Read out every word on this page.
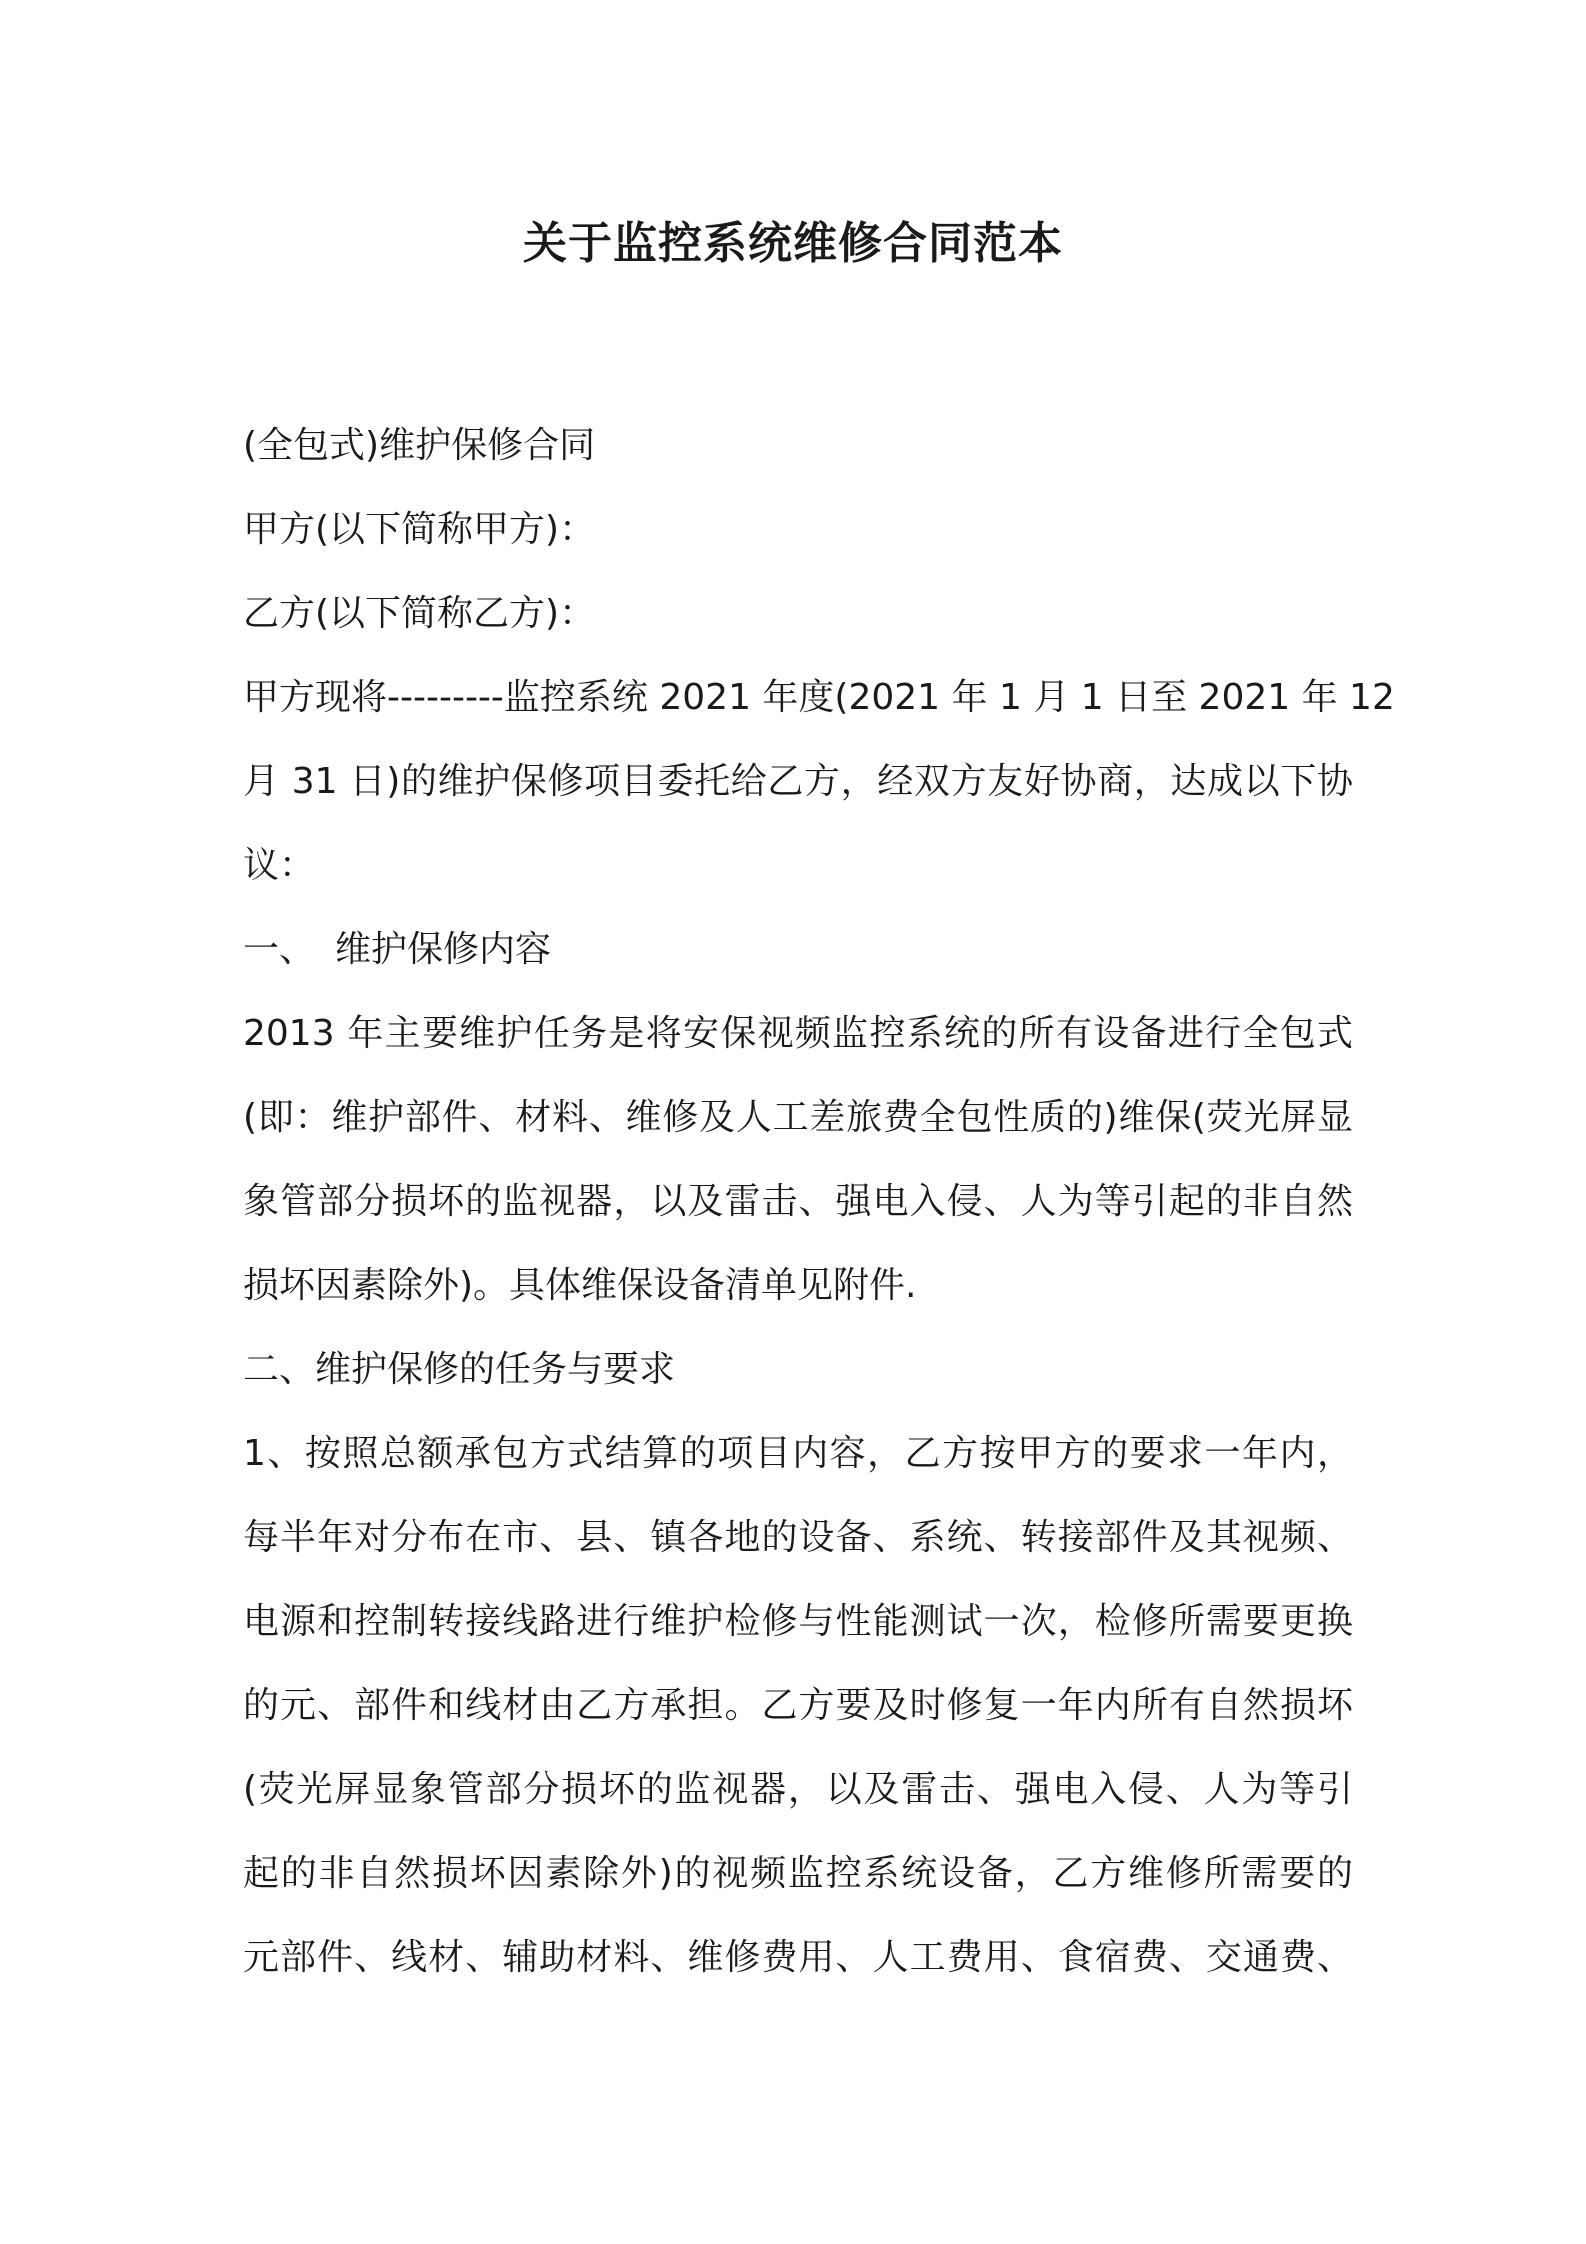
关于监控系统维修合同范本
(全包式)维护保修合同
甲方(以下简称甲方)：
乙方(以下简称乙方)：
甲方现将---------监控系统 2021 年度(2021 年 1 月 1 日至 2021 年 12
月 31 日)的维护保修项目委托给乙方，经双方友好协商，达成以下协
议：
一、 维护保修内容
2013 年主要维护任务是将安保视频监控系统的所有设备进行全包式
(即：维护部件、材料、维修及人工差旅费全包性质的)维保(荧光屏显
象管部分损坏的监视器，以及雷击、强电入侵、人为等引起的非自然
损坏因素除外)。具体维保设备清单见附件.
二、维护保修的任务与要求
1、按照总额承包方式结算的项目内容，乙方按甲方的要求一年内，
每半年对分布在市、县、镇各地的设备、系统、转接部件及其视频、
电源和控制转接线路进行维护检修与性能测试一次，检修所需要更换
的元、部件和线材由乙方承担。乙方要及时修复一年内所有自然损坏
(荧光屏显象管部分损坏的监视器，以及雷击、强电入侵、人为等引
起的非自然损坏因素除外)的视频监控系统设备，乙方维修所需要的
元部件、线材、辅助材料、维修费用、人工费用、食宿费、交通费、
